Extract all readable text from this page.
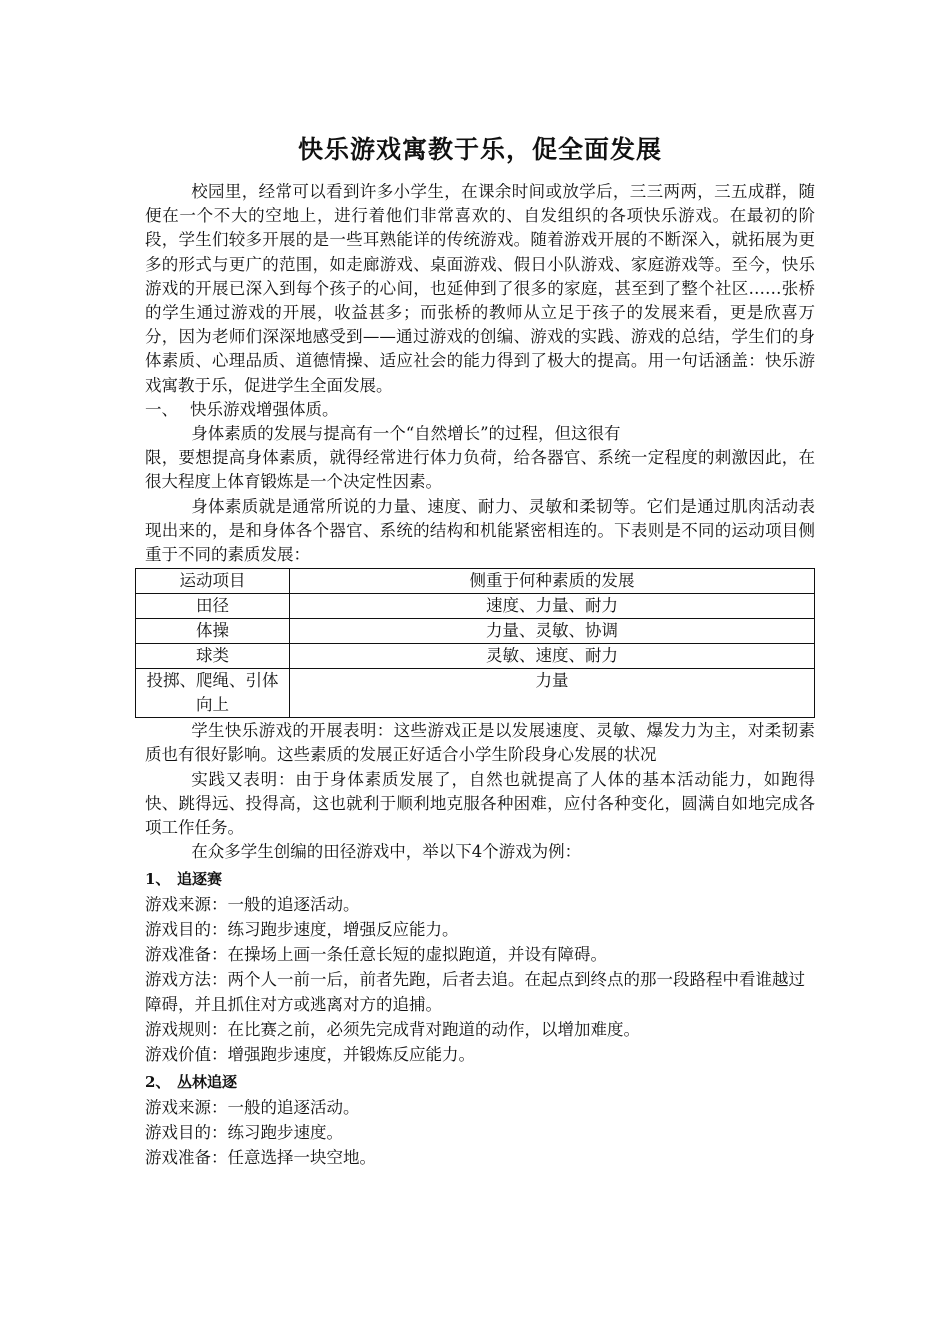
快乐游戏寓教于乐，促全面发展

校园里，经常可以看到许多小学生，在课余时间或放学后，三三两两，三五成群，随便在一个不大的空地上，进行着他们非常喜欢的、自发组织的各项快乐游戏。在最初的阶段，学生们较多开展的是一些耳熟能详的传统游戏。随着游戏开展的不断深入，就拓展为更多的形式与更广的范围，如走廊游戏、桌面游戏、假日小队游戏、家庭游戏等。至今，快乐游戏的开展已深入到每个孩子的心间，也延伸到了很多的家庭，甚至到了整个社区……张桥的学生通过游戏的开展，收益甚多；而张桥的教师从立足于孩子的发展来看，更是欣喜万分，因为老师们深深地感受到——通过游戏的创编、游戏的实践、游戏的总结，学生们的身体素质、心理品质、道德情操、适应社会的能力得到了极大的提高。用一句话涵盖：快乐游戏寓教于乐，促进学生全面发展。

一、 快乐游戏增强体质。

身体素质的发展与提高有一个“自然增长”的过程，但这很有

限，要想提高身体素质，就得经常进行体力负荷，给各器官、系统一定程度的刺激因此，在很大程度上体育锻炼是一个决定性因素。

身体素质就是通常所说的力量、速度、耐力、灵敏和柔韧等。它们是通过肌肉活动表现出来的，是和身体各个器官、系统的结构和机能紧密相连的。下表则是不同的运动项目侧重于不同的素质发展：

运动项目	侧重于何种素质的发展
田径	速度、力量、耐力
体操	力量、灵敏、协调
球类	灵敏、速度、耐力
投掷、爬绳、引体向上	力量

学生快乐游戏的开展表明：这些游戏正是以发展速度、灵敏、爆发力为主，对柔韧素质也有很好影响。这些素质的发展正好适合小学生阶段身心发展的状况

实践又表明：由于身体素质发展了，自然也就提高了人体的基本活动能力，如跑得快、跳得远、投得高，这也就利于顺利地克服各种困难，应付各种变化，圆满自如地完成各项工作任务。

在众多学生创编的田径游戏中，举以下4个游戏为例：

1、 追逐赛

游戏来源：一般的追逐活动。

游戏目的：练习跑步速度，增强反应能力。

游戏准备：在操场上画一条任意长短的虚拟跑道，并设有障碍。

游戏方法：两个人一前一后，前者先跑，后者去追。在起点到终点的那一段路程中看谁越过障碍，并且抓住对方或逃离对方的追捕。

游戏规则：在比赛之前，必须先完成背对跑道的动作，以增加难度。

游戏价值：增强跑步速度，并锻炼反应能力。

2、 丛林追逐

游戏来源：一般的追逐活动。

游戏目的：练习跑步速度。

游戏准备：任意选择一块空地。
